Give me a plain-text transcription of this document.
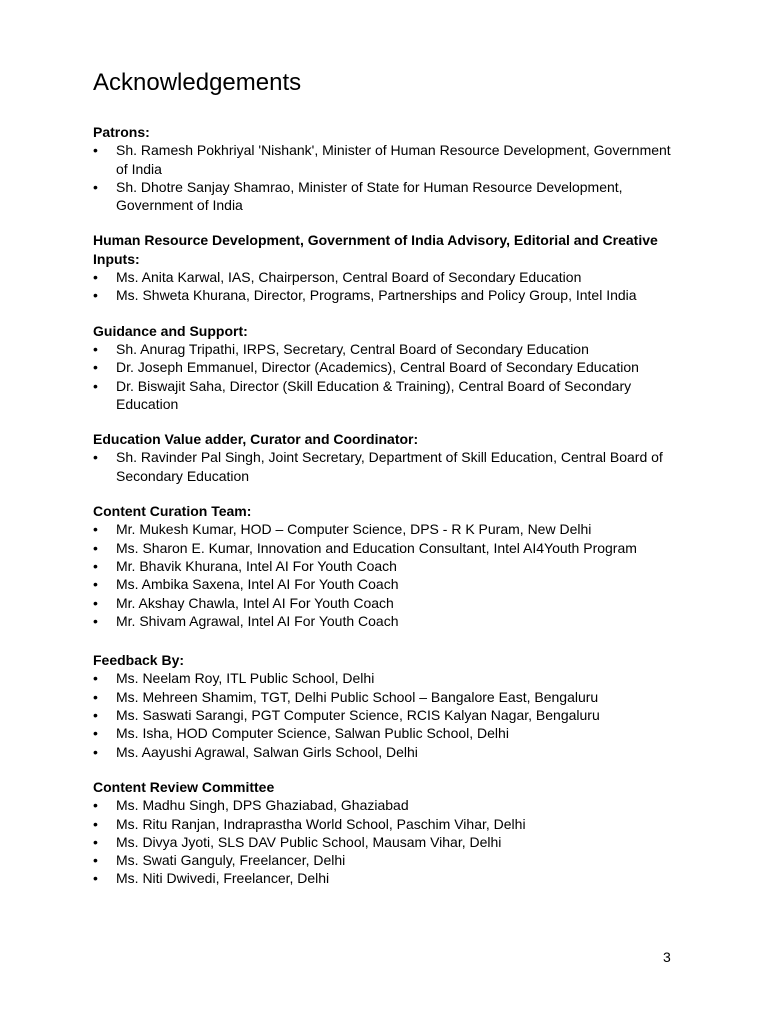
Acknowledgements

Patrons:

•	Sh. Ramesh Pokhriyal 'Nishank', Minister of Human Resource Development, Government of India
•	Sh. Dhotre Sanjay Shamrao, Minister of State for Human Resource Development, Government of India

Human Resource Development, Government of India Advisory, Editorial and Creative Inputs:

•	Ms. Anita Karwal, IAS, Chairperson, Central Board of Secondary Education
•	Ms. Shweta Khurana, Director, Programs, Partnerships and Policy Group, Intel India

Guidance and Support:

•	Sh. Anurag Tripathi, IRPS, Secretary, Central Board of Secondary Education
•	Dr. Joseph Emmanuel, Director (Academics), Central Board of Secondary Education
•	Dr. Biswajit Saha, Director (Skill Education & Training), Central Board of Secondary Education

Education Value adder, Curator and Coordinator:

•	Sh. Ravinder Pal Singh, Joint Secretary, Department of Skill Education, Central Board of Secondary Education

Content Curation Team:

•	Mr. Mukesh Kumar, HOD – Computer Science, DPS - R K Puram, New Delhi
•	Ms. Sharon E. Kumar, Innovation and Education Consultant, Intel AI4Youth Program
•	Mr. Bhavik Khurana, Intel AI For Youth Coach
•	Ms. Ambika Saxena, Intel AI For Youth Coach
•	Mr. Akshay Chawla, Intel AI For Youth Coach
•	Mr. Shivam Agrawal, Intel AI For Youth Coach

Feedback By:

•	Ms. Neelam Roy, ITL Public School, Delhi
•	Ms. Mehreen Shamim, TGT, Delhi Public School – Bangalore East, Bengaluru
•	Ms. Saswati Sarangi, PGT Computer Science, RCIS Kalyan Nagar, Bengaluru
•	Ms. Isha, HOD Computer Science, Salwan Public School, Delhi
•	Ms. Aayushi Agrawal, Salwan Girls School, Delhi

Content Review Committee

•	Ms. Madhu Singh, DPS Ghaziabad, Ghaziabad
•	Ms. Ritu Ranjan, Indraprastha World School, Paschim Vihar, Delhi
•	Ms. Divya Jyoti, SLS DAV Public School, Mausam Vihar, Delhi
•	Ms. Swati Ganguly, Freelancer, Delhi
•	Ms. Niti Dwivedi, Freelancer, Delhi
3
